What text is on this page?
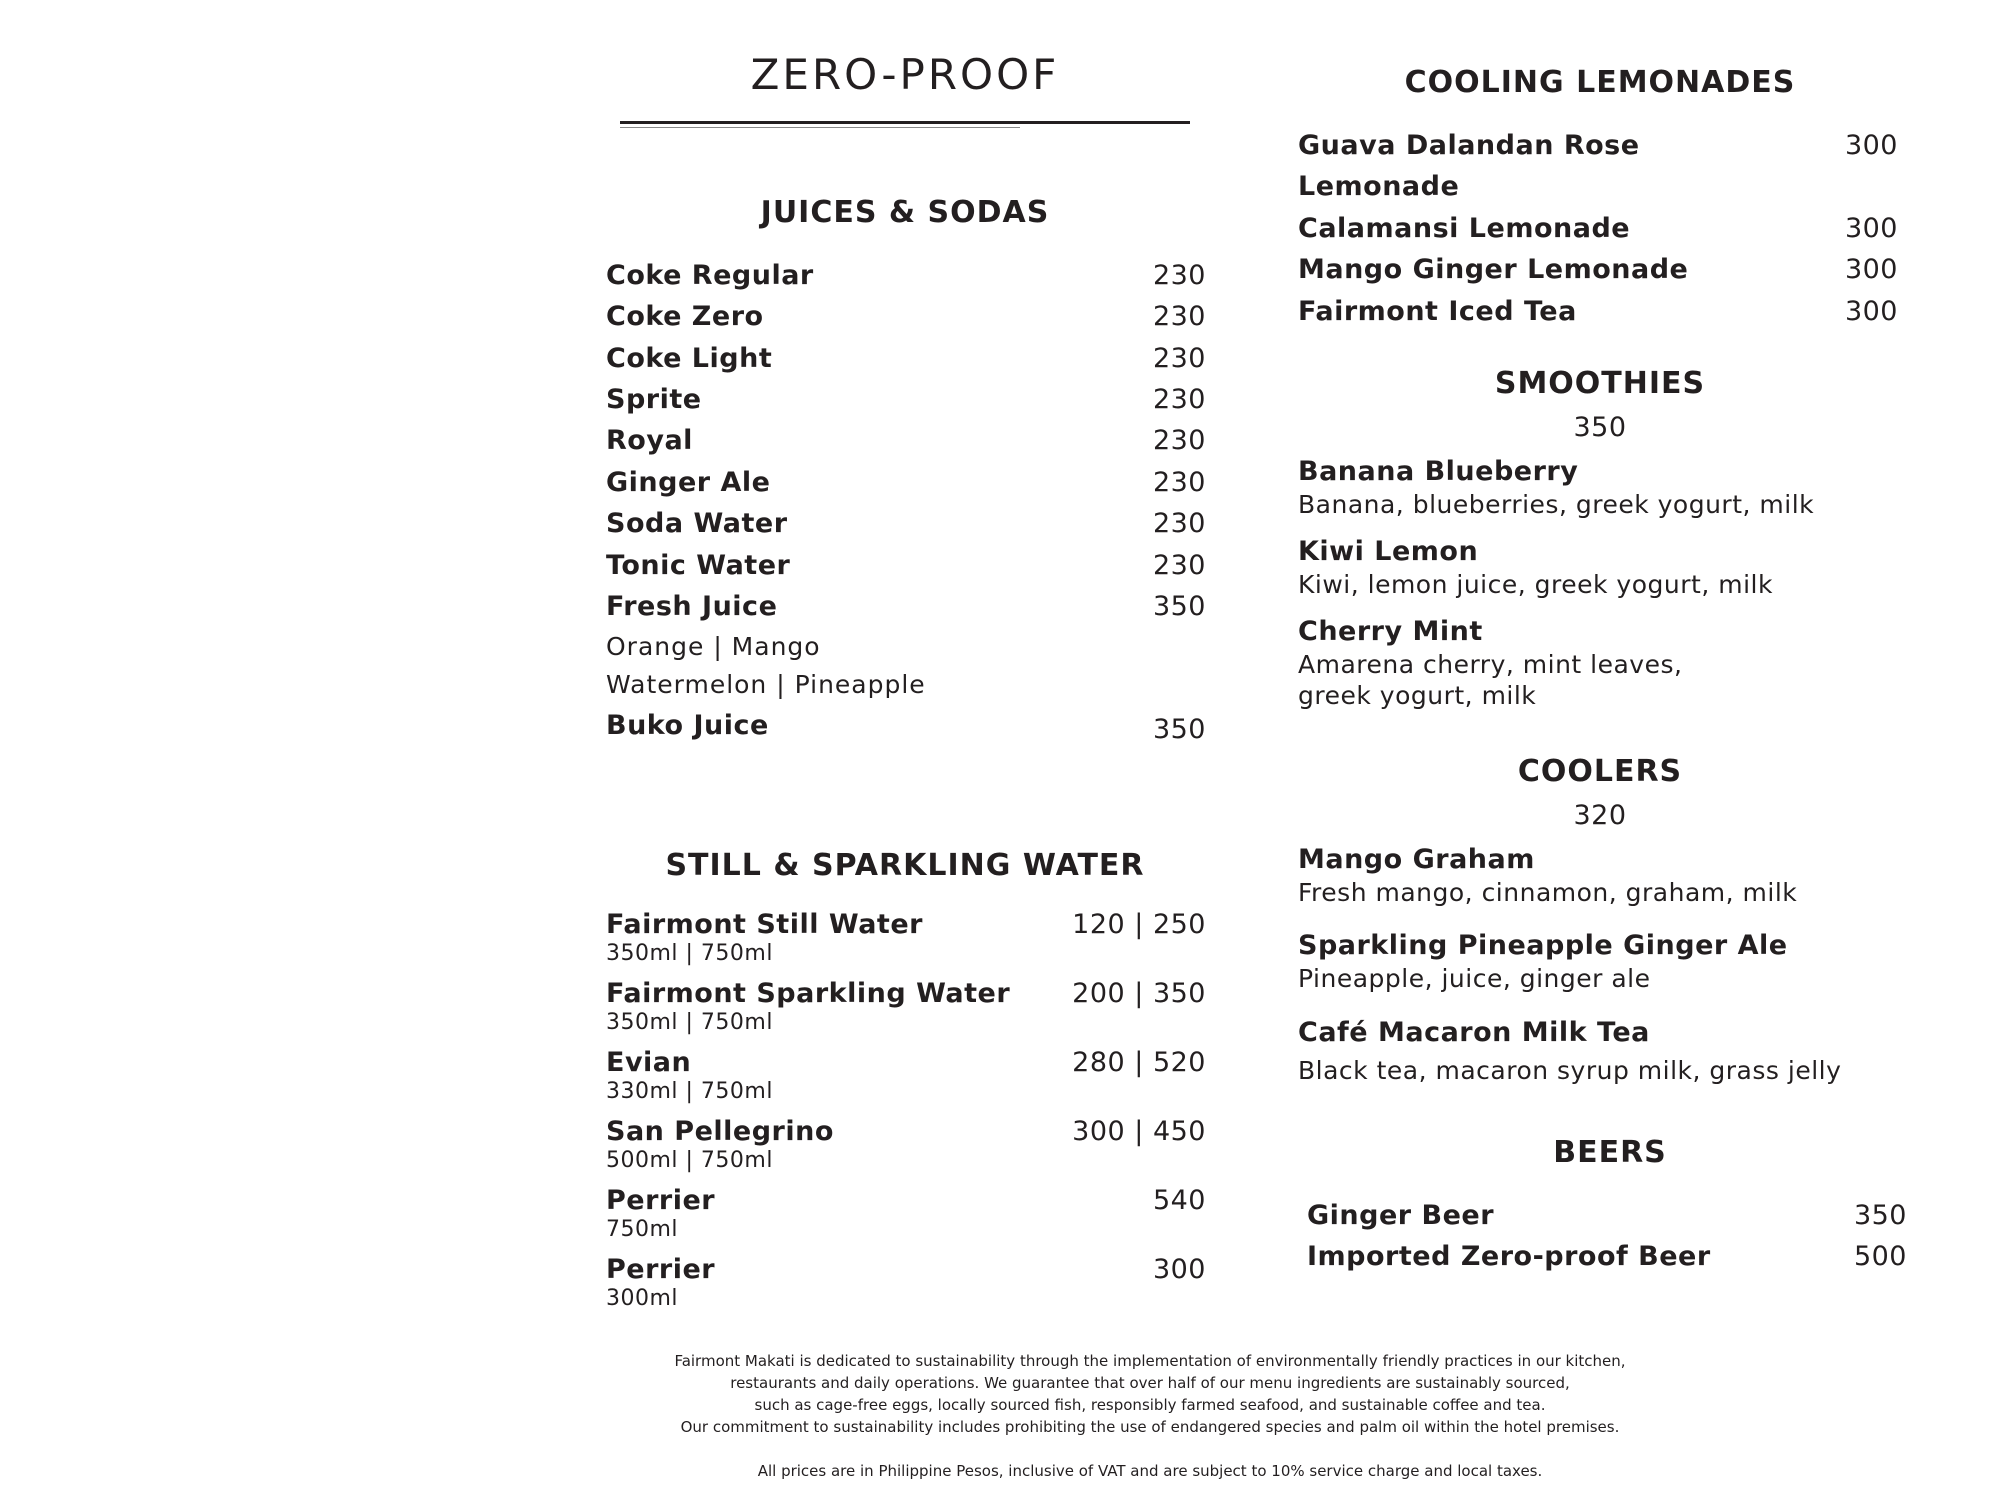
ZERO-PROOF
JUICES & SODAS
Coke Regular	230
Coke Zero	230
Coke Light	230
Sprite	230
Royal	230
Ginger Ale	230
Soda Water	230
Tonic Water	230
Fresh Juice	350
Orange | Mango
Watermelon | Pineapple
Buko Juice	350
STILL & SPARKLING WATER
Fairmont Still Water	120 | 250
350ml | 750ml
Fairmont Sparkling Water 200 | 350
350ml | 750ml
Evian	280 | 520
330ml | 750ml
San Pellegrino	300 | 450
500ml | 750ml
Perrier	540
750ml
Perrier	300
300ml
COOLING LEMONADES
Guava Dalandan Rose	300
Lemonade
Calamansi Lemonade	300
Mango Ginger Lemonade	300
Fairmont Iced Tea	300
SMOOTHIES
350
Banana Blueberry
Banana, blueberries, greek yogurt, milk
Kiwi Lemon
Kiwi, lemon juice, greek yogurt, milk
Cherry Mint
Amarena cherry, mint leaves,
greek yogurt, milk
COOLERS
320
Mango Graham
Fresh mango, cinnamon, graham, milk
Sparkling Pineapple Ginger Ale
Pineapple, juice, ginger ale
Café Macaron Milk Tea
Black tea, macaron syrup milk, grass jelly
BEERS
Ginger Beer	350
Imported Zero-proof Beer	500
Fairmont Makati is dedicated to sustainability through the implementation of environmentally friendly practices in our kitchen,
restaurants and daily operations. We guarantee that over half of our menu ingredients are sustainably sourced,
such as cage-free eggs, locally sourced fish, responsibly farmed seafood, and sustainable coffee and tea.
Our commitment to sustainability includes prohibiting the use of endangered species and palm oil within the hotel premises.
All prices are in Philippine Pesos, inclusive of VAT and are subject to 10% service charge and local taxes.
